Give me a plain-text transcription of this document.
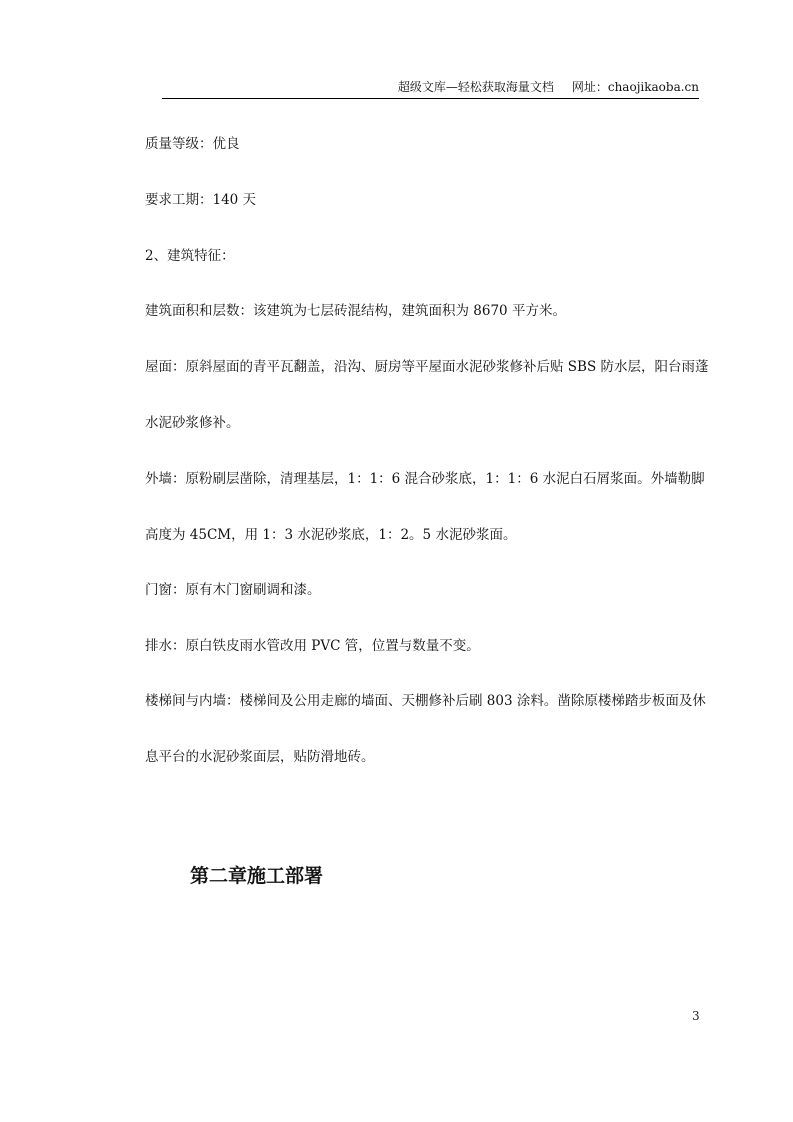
超级文库—轻松获取海量文档 网址：chaojikaoba.cn
质量等级：优良
要求工期：140 天
2、建筑特征：
建筑面积和层数：该建筑为七层砖混结构，建筑面积为 8670 平方米。
屋面：原斜屋面的青平瓦翻盖，沿沟、厨房等平屋面水泥砂浆修补后贴 SBS 防水层，阳台雨蓬
水泥砂浆修补。
外墙：原粉刷层凿除，清理基层，1：1：6 混合砂浆底，1：1：6 水泥白石屑浆面。外墙勒脚
高度为 45CM，用 1：3 水泥砂浆底，1：2。5 水泥砂浆面。
门窗：原有木门窗刷调和漆。
排水：原白铁皮雨水管改用 PVC 管，位置与数量不变。
楼梯间与内墙：楼梯间及公用走廊的墙面、天棚修补后刷 803 涂料。凿除原楼梯踏步板面及休
息平台的水泥砂浆面层，贴防滑地砖。
第二章施工部署
3
